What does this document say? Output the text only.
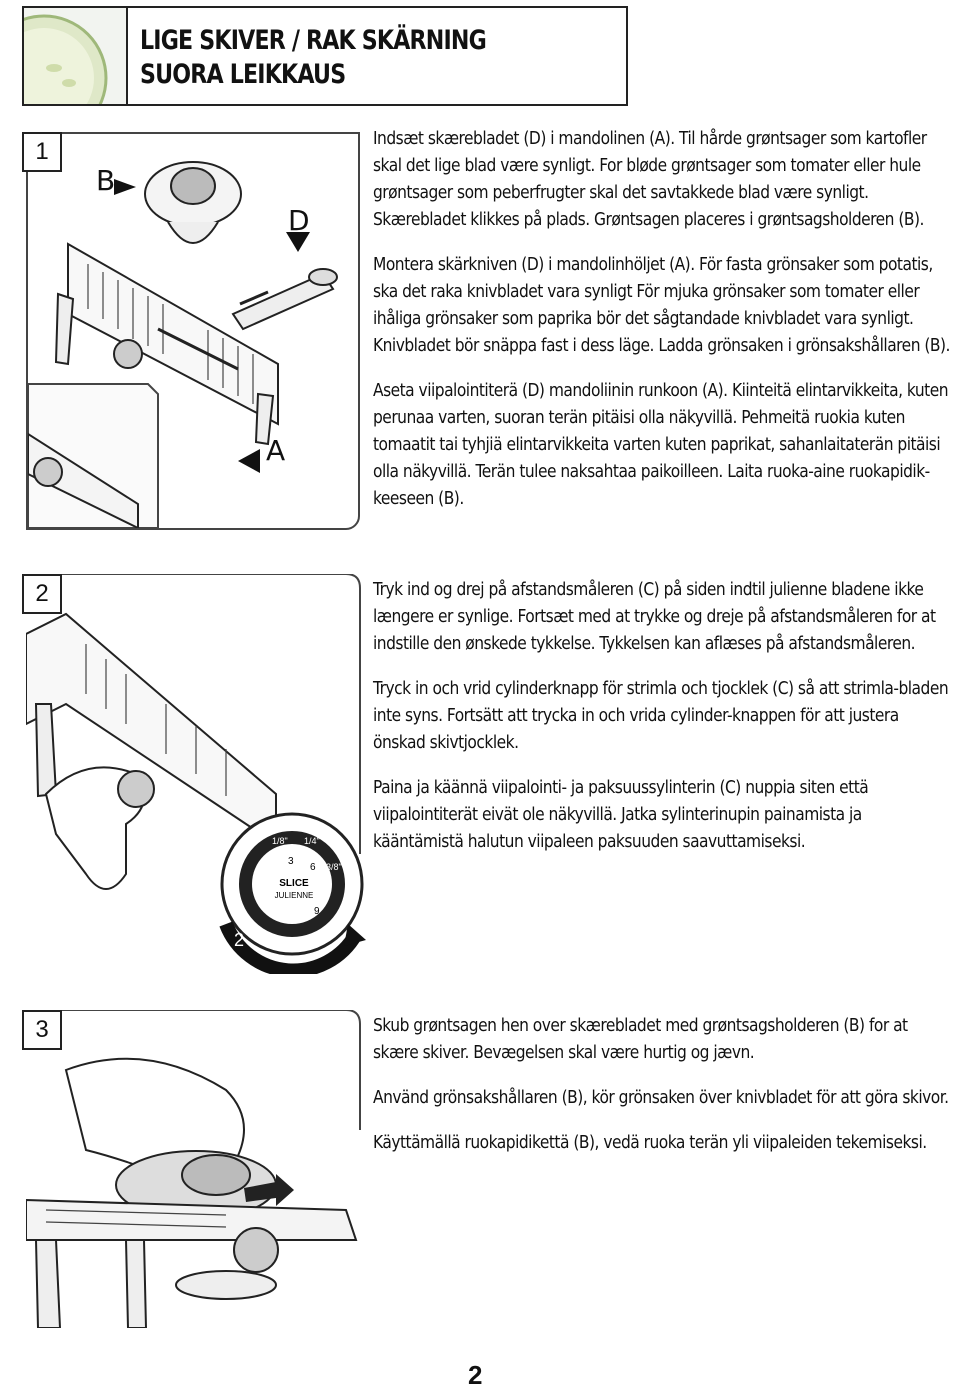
LIGE SKIVER / RAK SKÄRNING
SUORA LEIKKAUS
B
D
A
1	Indsæt skærebladet (D) i mandolinen (A). Til hårde grøntsager som kartofler skal det lige blad være synligt. For bløde grøntsager som tomater eller hule grøntsager som peberfrugter skal det savtakkede blad være synligt. Skærebladet klikkes på plads. Grøntsagen placeres i grøntsagsholderen (B).

Montera skärkniven (D) i mandolinhöljet (A). För fasta grönsaker som potatis, ska det raka knivbladet vara synligt För mjuka grönsaker som tomater eller ihåliga grönsaker som paprika bör det sågtandade knivbladet vara synligt. Knivbladet bör snäppa fast i dess läge. Ladda grönsaken i grönsakshållaren (B).

Aseta viipalointiterä (D) mandoliinin runkoon (A). Kiinteitä elintarvikkeita, kuten perunaa varten, suoran terän pitäisi olla näkyvillä. Pehmeitä ruokia kuten tomaatit tai tyhjiä elintarvikkeita varten kuten paprikat, sahanlaitaterän pitäisi olla näkyvillä. Terän tulee naksahtaa paikoilleen. Laita ruoka-aine ruokapidik-keeseen (B).

SLICE
JULIENNE
1/8" 1/4"
3/8"
3
6
9
2
2	Tryk ind og drej på afstandsmåleren (C) på siden indtil julienne bladene ikke længere er synlige. Fortsæt med at trykke og dreje på afstandsmåleren for at indstille den ønskede tykkelse. Tykkelsen kan aflæses på afstandsmåleren.

Tryck in och vrid cylinderknapp för strimla och tjocklek (C) så att strimla-bladen inte syns. Fortsätt att trycka in och vrida cylinder-knappen för att justera önskad skivtjocklek.

Paina ja käännä viipalointi- ja paksuussylinterin (C) nuppia siten että viipalointiterät eivät ole näkyvillä. Jatka sylinterinupin painamista ja kääntämistä halutun viipaleen paksuuden saavuttamiseksi.

3	Skub grøntsagen hen over skærebladet med grøntsagsholderen (B) for at skære skiver. Bevægelsen skal være hurtig og jævn.

Använd grönsakshållaren (B), kör grönsaken över knivbladet för att göra skivor.

Käyttämällä ruokapidikettä (B), vedä ruoka terän yli viipaleiden tekemiseksi.

2
